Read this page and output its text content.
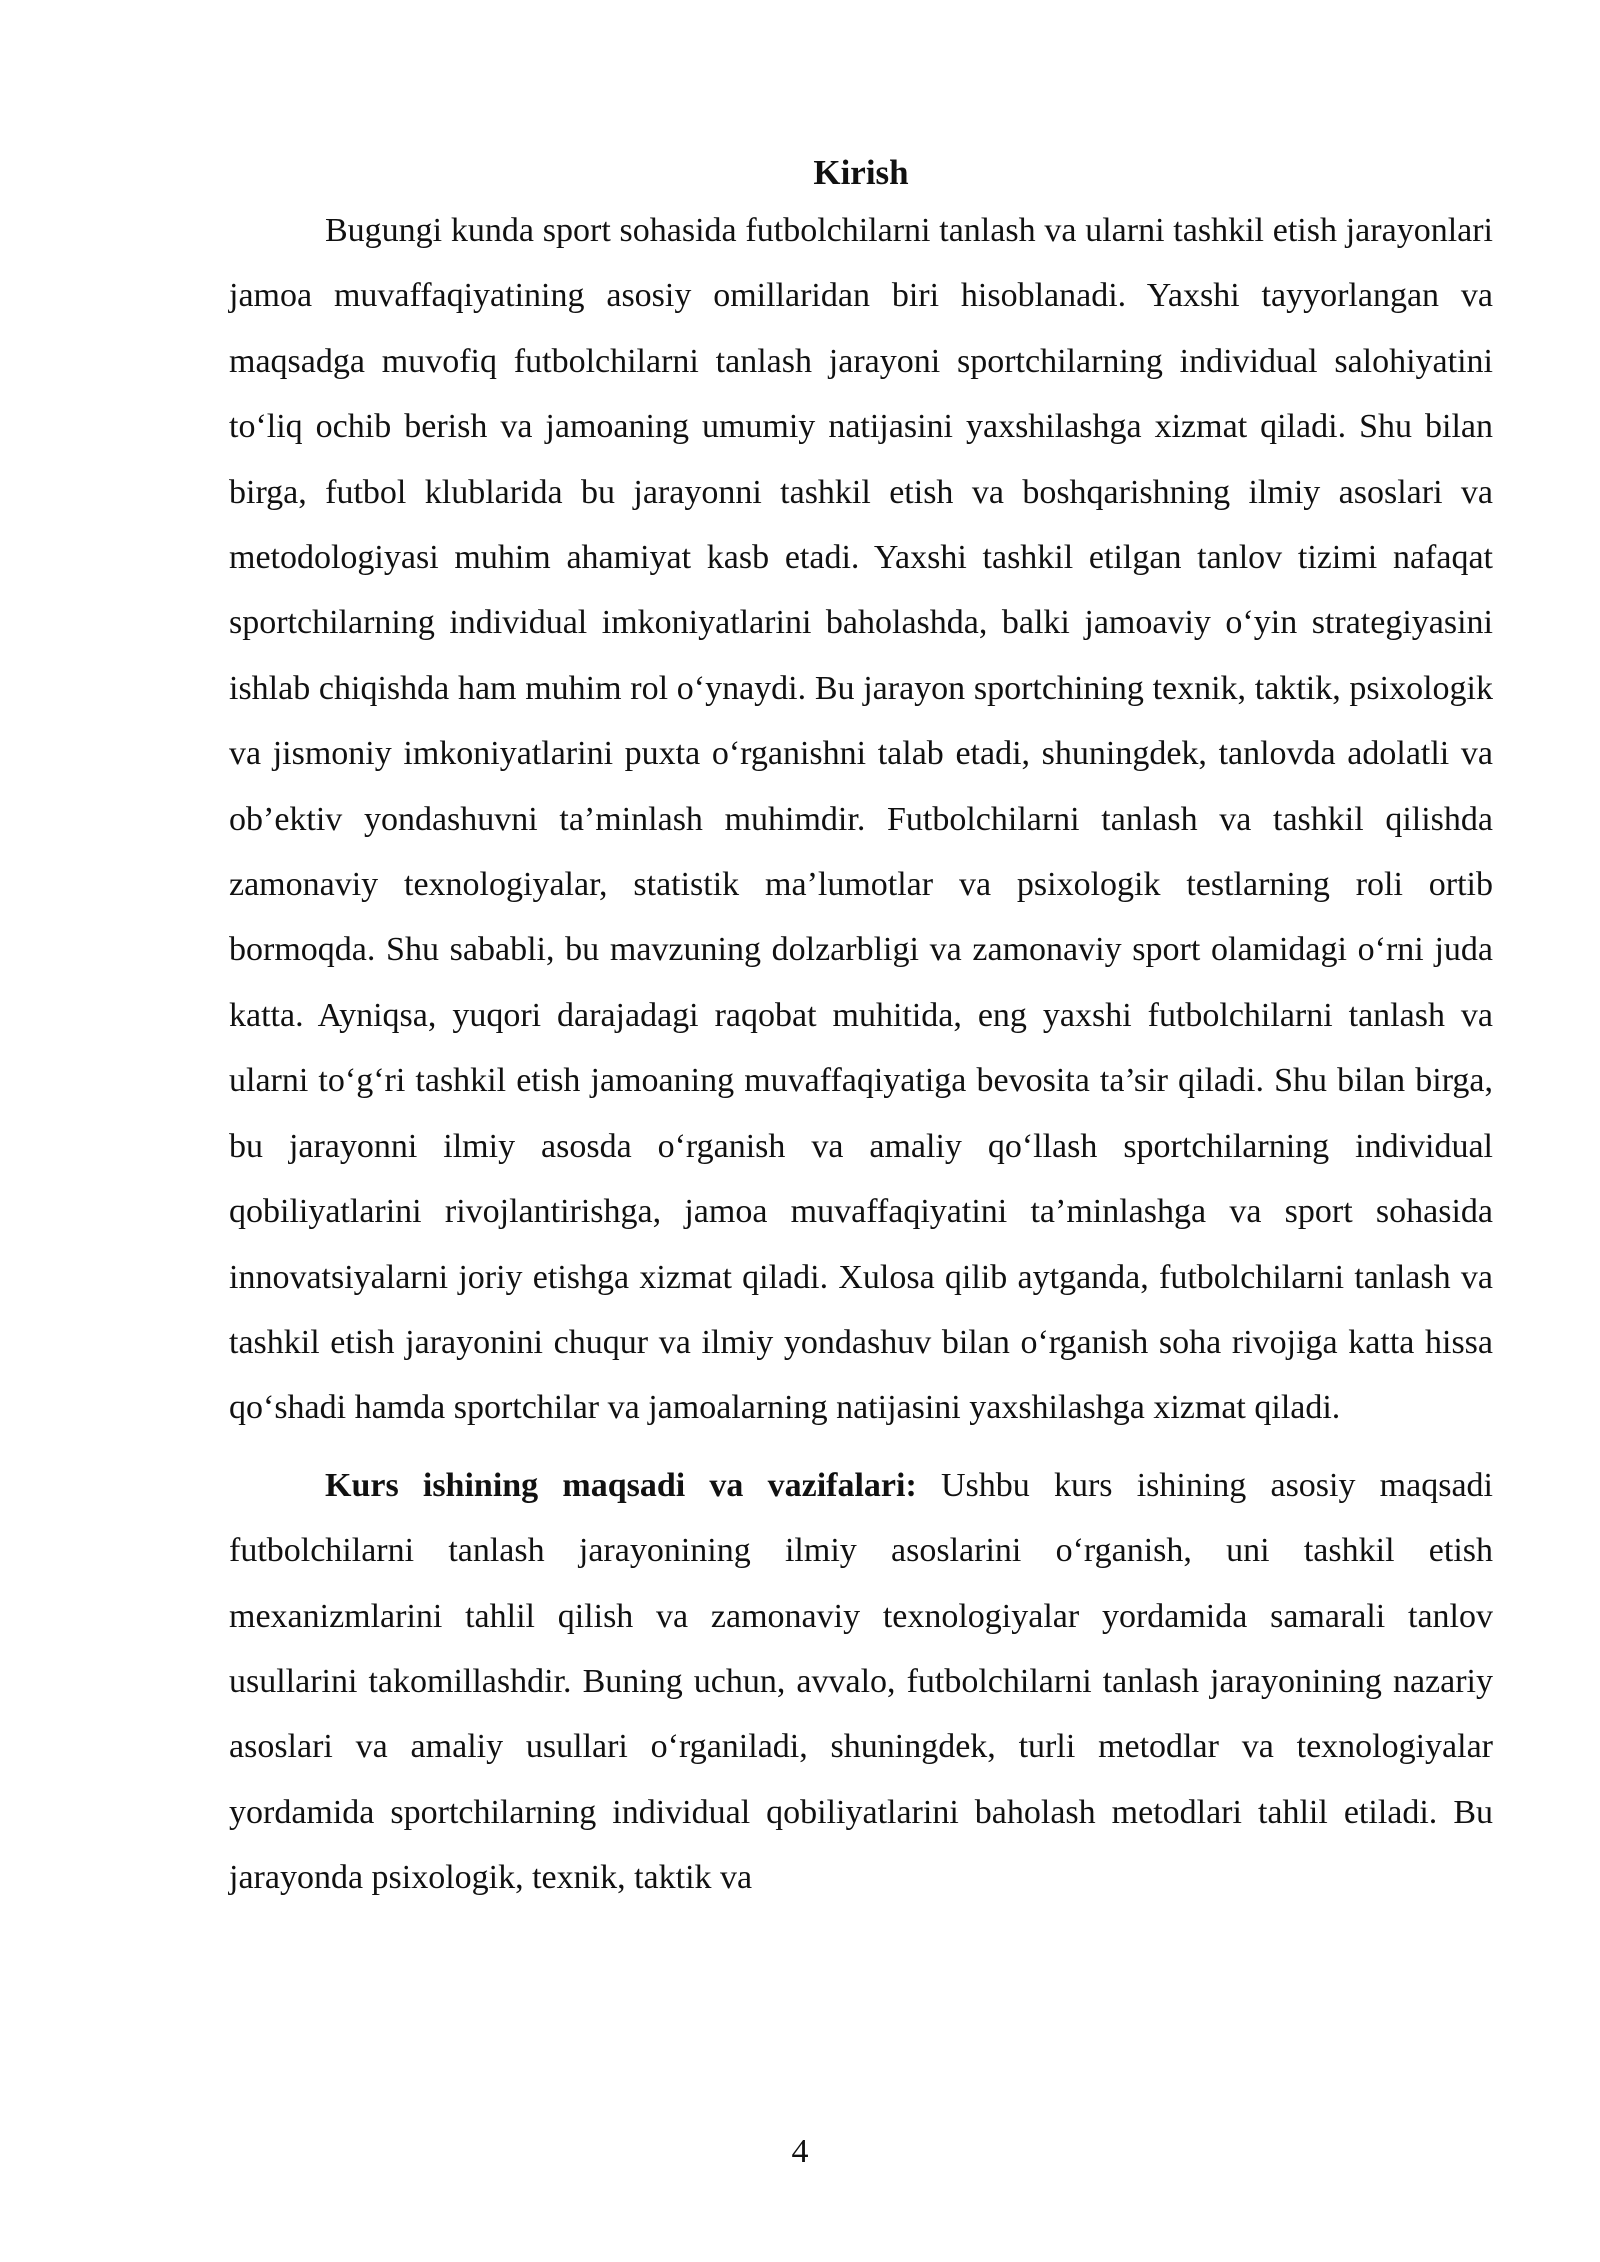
Kirish

Bugungi kunda sport sohasida futbolchilarni tanlash va ularni tashkil etish jarayonlari jamoa muvaffaqiyatining asosiy omillaridan biri hisoblanadi. Yaxshi tayyorlangan va maqsadga muvofiq futbolchilarni tanlash jarayoni sportchilarning individual salohiyatini to‘liq ochib berish va jamoaning umumiy natijasini yaxshilashga xizmat qiladi. Shu bilan birga, futbol klublarida bu jarayonni tashkil etish va boshqarishning ilmiy asoslari va metodologiyasi muhim ahamiyat kasb etadi. Yaxshi tashkil etilgan tanlov tizimi nafaqat sportchilarning individual imkoniyatlarini baholashda, balki jamoaviy o‘yin strategiyasini ishlab chiqishda ham muhim rol o‘ynaydi. Bu jarayon sportchining texnik, taktik, psixologik va jismoniy imkoniyatlarini puxta o‘rganishni talab etadi, shuningdek, tanlovda adolatli va ob’ektiv yondashuvni ta’minlash muhimdir. Futbolchilarni tanlash va tashkil qilishda zamonaviy texnologiyalar, statistik ma’lumotlar va psixologik testlarning roli ortib bormoqda. Shu sababli, bu mavzuning dolzarbligi va zamonaviy sport olamidagi o‘rni juda katta. Ayniqsa, yuqori darajadagi raqobat muhitida, eng yaxshi futbolchilarni tanlash va ularni to‘g‘ri tashkil etish jamoaning muvaffaqiyatiga bevosita ta’sir qiladi. Shu bilan birga, bu jarayonni ilmiy asosda o‘rganish va amaliy qo‘llash sportchilarning individual qobiliyatlarini rivojlantirishga, jamoa muvaffaqiyatini ta’minlashga va sport sohasida innovatsiyalarni joriy etishga xizmat qiladi. Xulosa qilib aytganda, futbolchilarni tanlash va tashkil etish jarayonini chuqur va ilmiy yondashuv bilan o‘rganish soha rivojiga katta hissa qo‘shadi hamda sportchilar va jamoalarning natijasini yaxshilashga xizmat qiladi.

Kurs ishining maqsadi va vazifalari: Ushbu kurs ishining asosiy maqsadi futbolchilarni tanlash jarayonining ilmiy asoslarini o‘rganish, uni tashkil etish mexanizmlarini tahlil qilish va zamonaviy texnologiyalar yordamida samarali tanlov usullarini takomillashdir. Buning uchun, avvalo, futbolchilarni tanlash jarayonining nazariy asoslari va amaliy usullari o‘rganiladi, shuningdek, turli metodlar va texnologiyalar yordamida sportchilarning individual qobiliyatlarini baholash metodlari tahlil etiladi. Bu jarayonda psixologik, texnik, taktik va

4
